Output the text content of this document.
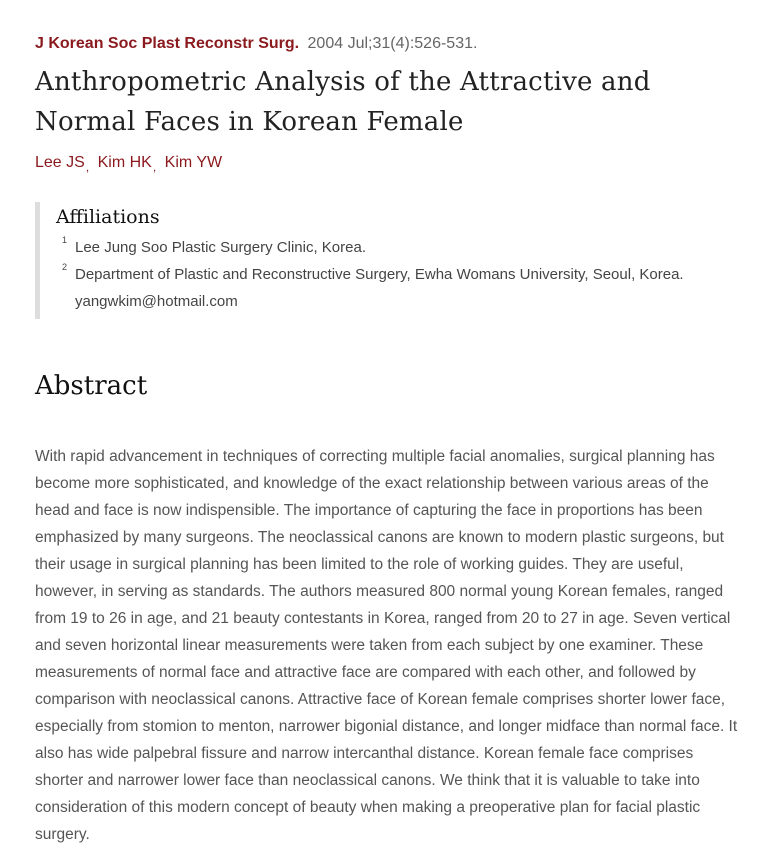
J Korean Soc Plast Reconstr Surg. 2004 Jul;31(4):526-531.
Anthropometric Analysis of the Attractive and
Normal Faces in Korean Female
Lee $JS_,$ Kim $HK_,$ Kim YW
Affiliations
1 Lee Jung Soo Plastic Surgery Clinic, Korea.
2 Department of Plastic and Reconstructive Surgery, Ewha Womans University, Seoul, Korea.
yangwkim@hotmail.com
Abstract

With rapid advancement in techniques of correcting multiple facial anomalies, surgical planning has become more sophisticated, and knowledge of the exact relationship between various areas of the head and face is now indispensible. The importance of capturing the face in proportions has been emphasized by many surgeons. The neoclassical canons are known to modern plastic surgeons, but their usage in surgical planning has been limited to the role of working guides. They are useful, however, in serving as standards. The authors measured 800 normal young Korean females, ranged from 19 to 26 in age, and 21 beauty contestants in Korea, ranged from 20 to 27 in age. Seven vertical and seven horizontal linear measurements were taken from each subject by one examiner. These measurements of normal face and attractive face are compared with each other, and followed by comparison with neoclassical canons. Attractive face of Korean female comprises shorter lower face, especially from stomion to menton, narrower bigonial distance, and longer midface than normal face. It also has wide palpebral fissure and narrow intercanthal distance. Korean female face comprises shorter and narrower lower face than neoclassical canons. We think that it is valuable to take into consideration of this modern concept of beauty when making a preoperative plan for facial plastic surgery.
